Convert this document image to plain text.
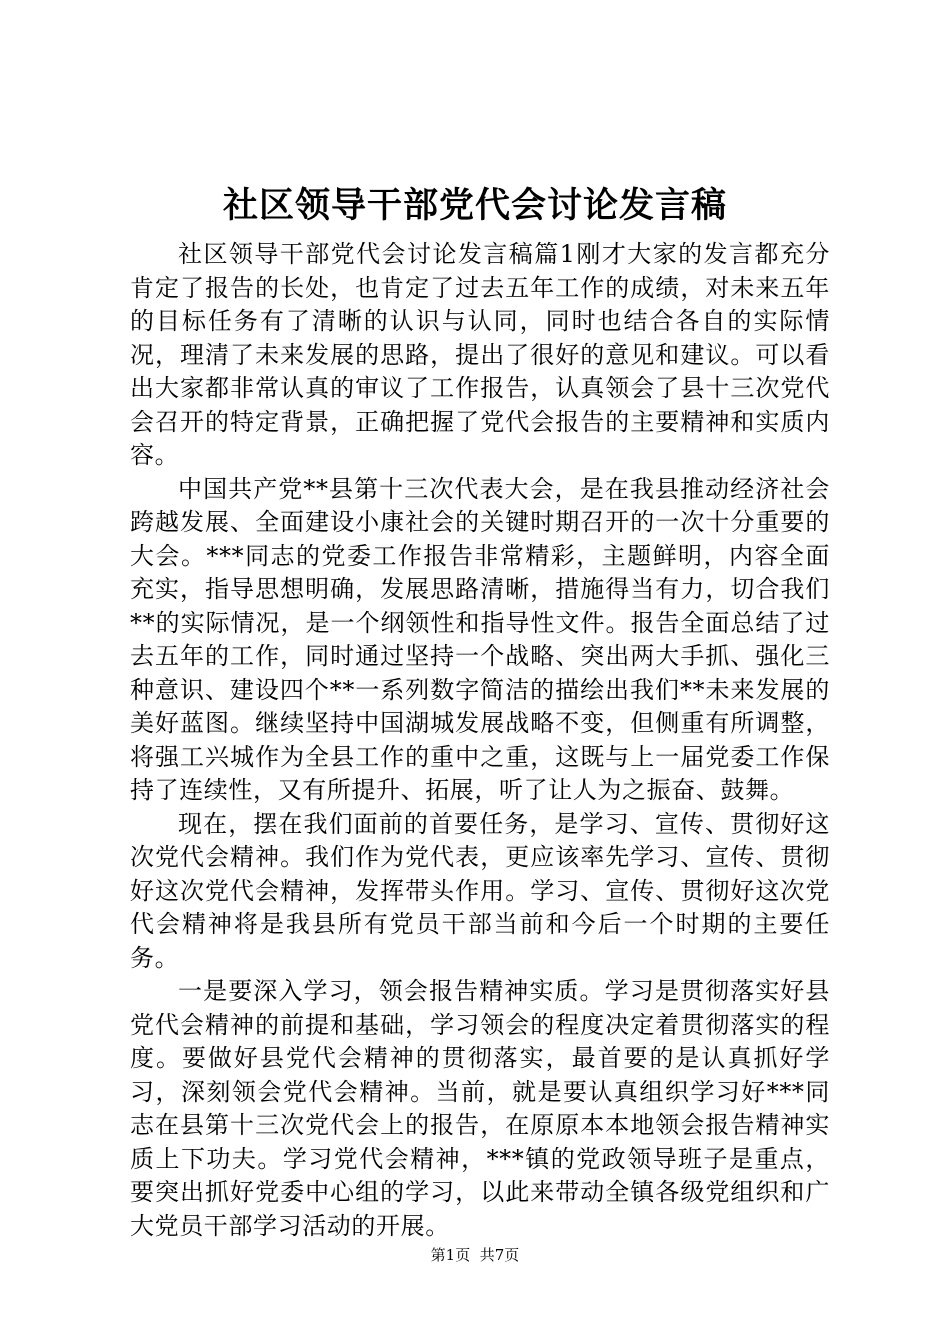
社区领导干部党代会讨论发言稿

社区领导干部党代会讨论发言稿篇1刚才大家的发言都充分肯定了报告的长处，也肯定了过去五年工作的成绩，对未来五年的目标任务有了清晰的认识与认同，同时也结合各自的实际情况，理清了未来发展的思路，提出了很好的意见和建议。可以看出大家都非常认真的审议了工作报告，认真领会了县十三次党代会召开的特定背景，正确把握了党代会报告的主要精神和实质内容。

中国共产党**县第十三次代表大会，是在我县推动经济社会跨越发展、全面建设小康社会的关键时期召开的一次十分重要的大会。***同志的党委工作报告非常精彩，主题鲜明，内容全面充实，指导思想明确，发展思路清晰，措施得当有力，切合我们**的实际情况，是一个纲领性和指导性文件。报告全面总结了过去五年的工作，同时通过坚持一个战略、突出两大手抓、强化三种意识、建设四个**一系列数字简洁的描绘出我们**未来发展的美好蓝图。继续坚持中国湖城发展战略不变，但侧重有所调整，将强工兴城作为全县工作的重中之重，这既与上一届党委工作保持了连续性，又有所提升、拓展，听了让人为之振奋、鼓舞。

现在，摆在我们面前的首要任务，是学习、宣传、贯彻好这次党代会精神。我们作为党代表，更应该率先学习、宣传、贯彻好这次党代会精神，发挥带头作用。学习、宣传、贯彻好这次党代会精神将是我县所有党员干部当前和今后一个时期的主要任务。

一是要深入学习，领会报告精神实质。学习是贯彻落实好县党代会精神的前提和基础，学习领会的程度决定着贯彻落实的程度。要做好县党代会精神的贯彻落实，最首要的是认真抓好学习，深刻领会党代会精神。当前，就是要认真组织学习好***同志在县第十三次党代会上的报告，在原原本本地领会报告精神实质上下功夫。学习党代会精神，***镇的党政领导班子是重点，要突出抓好党委中心组的学习，以此来带动全镇各级党组织和广大党员干部学习活动的开展。

第1页 共7页
